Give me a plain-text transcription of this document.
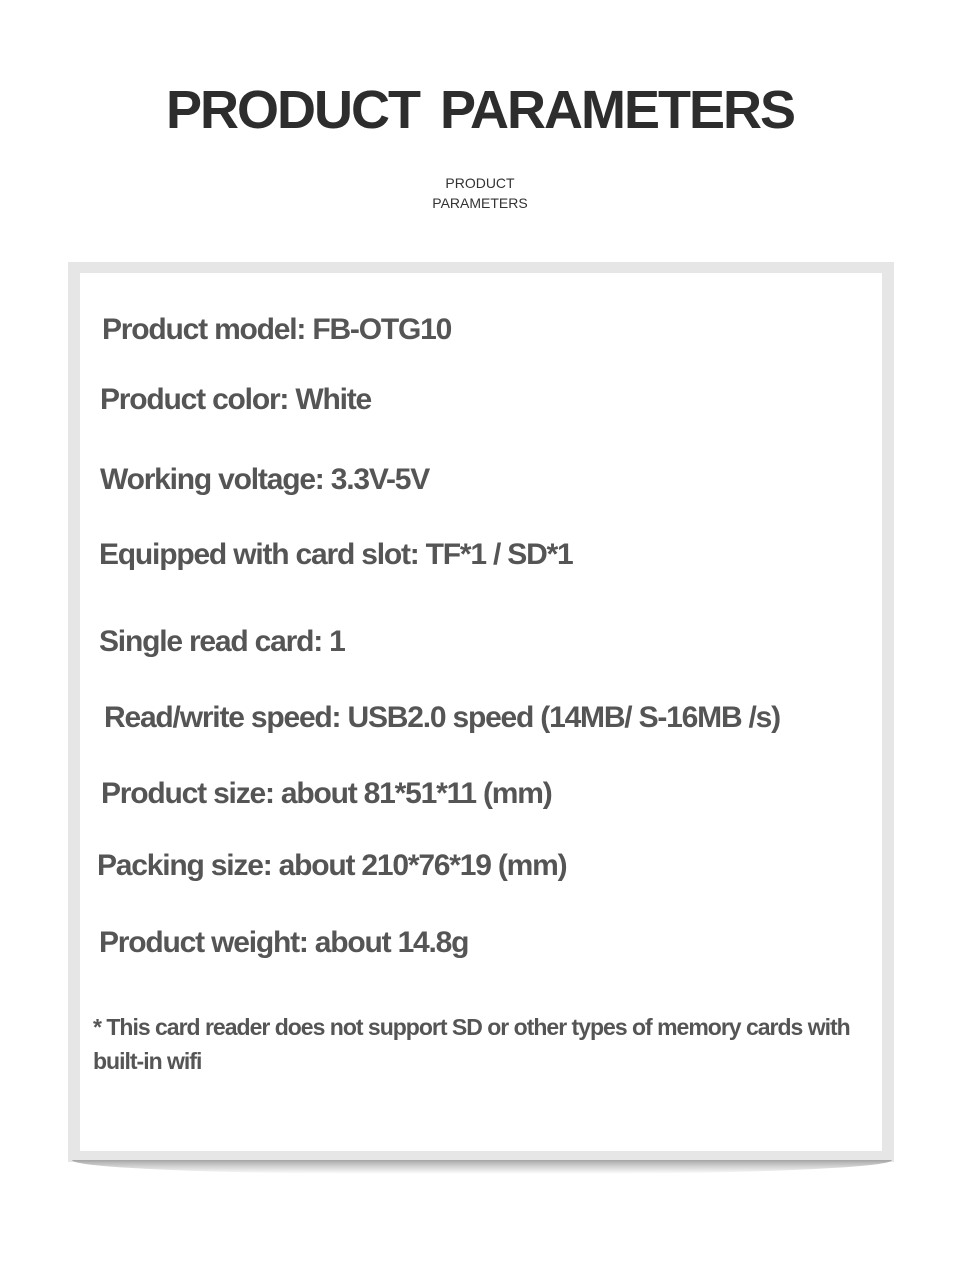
PRODUCT PARAMETERS
PRODUCT
PARAMETERS
Product model: FB-OTG10
Product color: White
Working voltage: 3.3V-5V
Equipped with card slot: TF*1 / SD*1
Single read card: 1
Read/write speed: USB2.0 speed (14MB/ S-16MB /s)
Product size: about 81*51*11 (mm)
Packing size: about 210*76*19 (mm)
Product weight: about 14.8g
* This card reader does not support SD or other types of memory cards with built-in wifi
